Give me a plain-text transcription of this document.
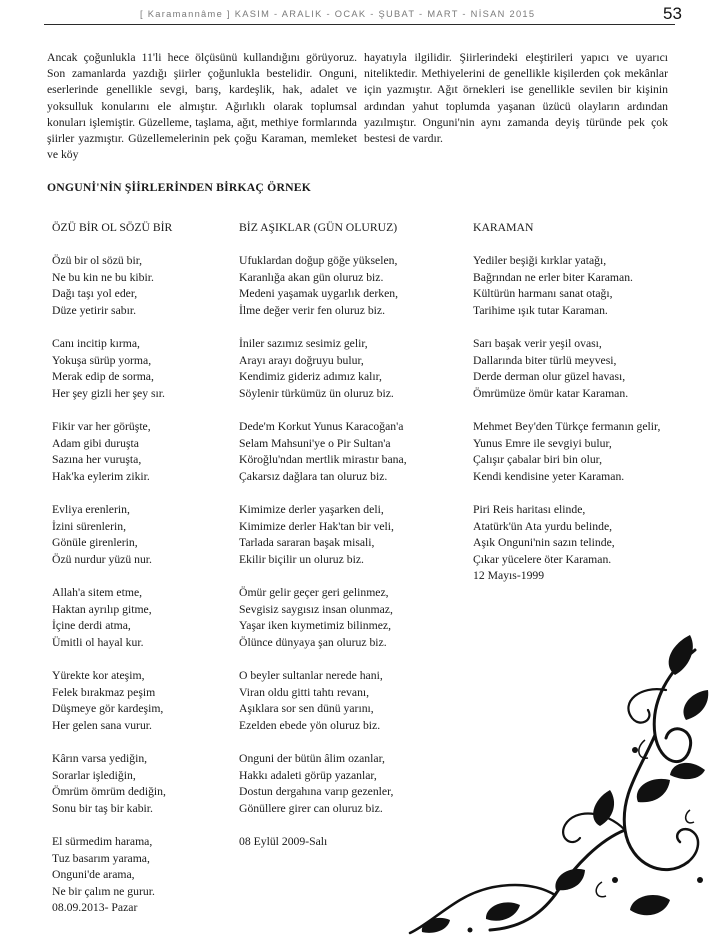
[ Karamannâme ] KASIM - ARALIK - OCAK - ŞUBAT - MART - NİSAN 2015	53
Ancak çoğunlukla 11'li hece ölçüsünü kullandığını görüyoruz. Son zamanlarda yazdığı şiirler çoğunlukla bestelidir. Onguni, eserlerinde genellikle sevgi, barış, kardeşlik, hak, adalet ve yoksulluk konularını ele almıştır. Ağırlıklı olarak toplumsal konuları işlemiştir. Güzelleme, taşlama, ağıt, methiye formlarında şiirler yazmıştır. Güzellemelerinin pek çoğu Karaman, memleket ve köy
hayatıyla ilgilidir. Şiirlerindeki eleştirileri yapıcı ve uyarıcı niteliktedir. Methiyelerini de genellikle kişilerden çok mekânlar için yazmıştır. Ağıt örnekleri ise genellikle sevilen bir kişinin ardından yahut toplumda yaşanan üzücü olayların ardından yazılmıştır. Onguni'nin aynı zamanda deyiş türünde pek çok bestesi de vardır.
ONGUNİ'NİN ŞİİRLERİNDEN BİRKAÇ ÖRNEK
ÖZÜ BİR OL SÖZÜ BİR
Özü bir ol sözü bir,
Ne bu kin ne bu kibir.
Dağı taşı yol eder,
Düze yetirir sabır.
Canı incitip kırma,
Yokuşa sürüp yorma,
Merak edip de sorma,
Her şey gizli her şey sır.
Fikir var her görüşte,
Adam gibi duruşta
Sazına her vuruşta,
Hak'ka eylerim zikir.
Evliya erenlerin,
İzini sürenlerin,
Gönüle girenlerin,
Özü nurdur yüzü nur.
Allah'a sitem etme,
Haktan ayrılıp gitme,
İçine derdi atma,
Ümitli ol hayal kur.
Yürekte kor ateşim,
Felek bırakmaz peşim
Düşmeye gör kardeşim,
Her gelen sana vurur.
Kârın varsa yediğin,
Sorarlar işlediğin,
Ömrüm ömrüm dediğin,
Sonu bir taş bir kabir.
El sürmedim harama,
Tuz basarım yarama,
Onguni'de arama,
Ne bir çalım ne gurur.
08.09.2013- Pazar
BİZ AŞIKLAR (GÜN OLURUZ)
Ufuklardan doğup göğe yükselen,
Karanlığa akan gün oluruz biz.
Medeni yaşamak uygarlık derken,
İlme değer verir fen oluruz biz.
İniler sazımız sesimiz gelir,
Arayı arayı doğruyu bulur,
Kendimiz gideriz adımız kalır,
Söylenir türkümüz ün oluruz biz.
Dede'm Korkut Yunus Karacoğan'a
Selam Mahsuni'ye o Pir Sultan'a
Köroğlu'ndan mertlik mirastır bana,
Çakarsız dağlara tan oluruz biz.
Kimimize derler yaşarken deli,
Kimimize derler Hak'tan bir veli,
Tarlada sararan başak misali,
Ekilir biçilir un oluruz biz.
Ömür gelir geçer geri gelinmez,
Sevgisiz saygısız insan olunmaz,
Yaşar iken kıymetimiz bilinmez,
Ölünce dünyaya şan oluruz biz.
O beyler sultanlar nerede hani,
Viran oldu gitti tahtı revanı,
Aşıklara sor sen dünü yarını,
Ezelden ebede yön oluruz biz.
Onguni der bütün âlim ozanlar,
Hakkı adaleti görüp yazanlar,
Dostun dergahına varıp gezenler,
Gönüllere girer can oluruz biz.
08 Eylül 2009-Salı
KARAMAN
Yediler beşiği kırklar yatağı,
Bağrından ne erler biter Karaman.
Kültürün harmanı sanat otağı,
Tarihime ışık tutar Karaman.
Sarı başak verir yeşil ovası,
Dallarında biter türlü meyvesi,
Derde derman olur güzel havası,
Ömrümüze ömür katar Karaman.
Mehmet Bey'den Türkçe fermanın gelir,
Yunus Emre ile sevgiyi bulur,
Çalışır çabalar biri bin olur,
Kendi kendisine yeter Karaman.
Piri Reis haritası elinde,
Atatürk'ün Ata yurdu belinde,
Aşık Onguni'nin sazın telinde,
Çıkar yücelere öter Karaman.
12 Mayıs-1999
